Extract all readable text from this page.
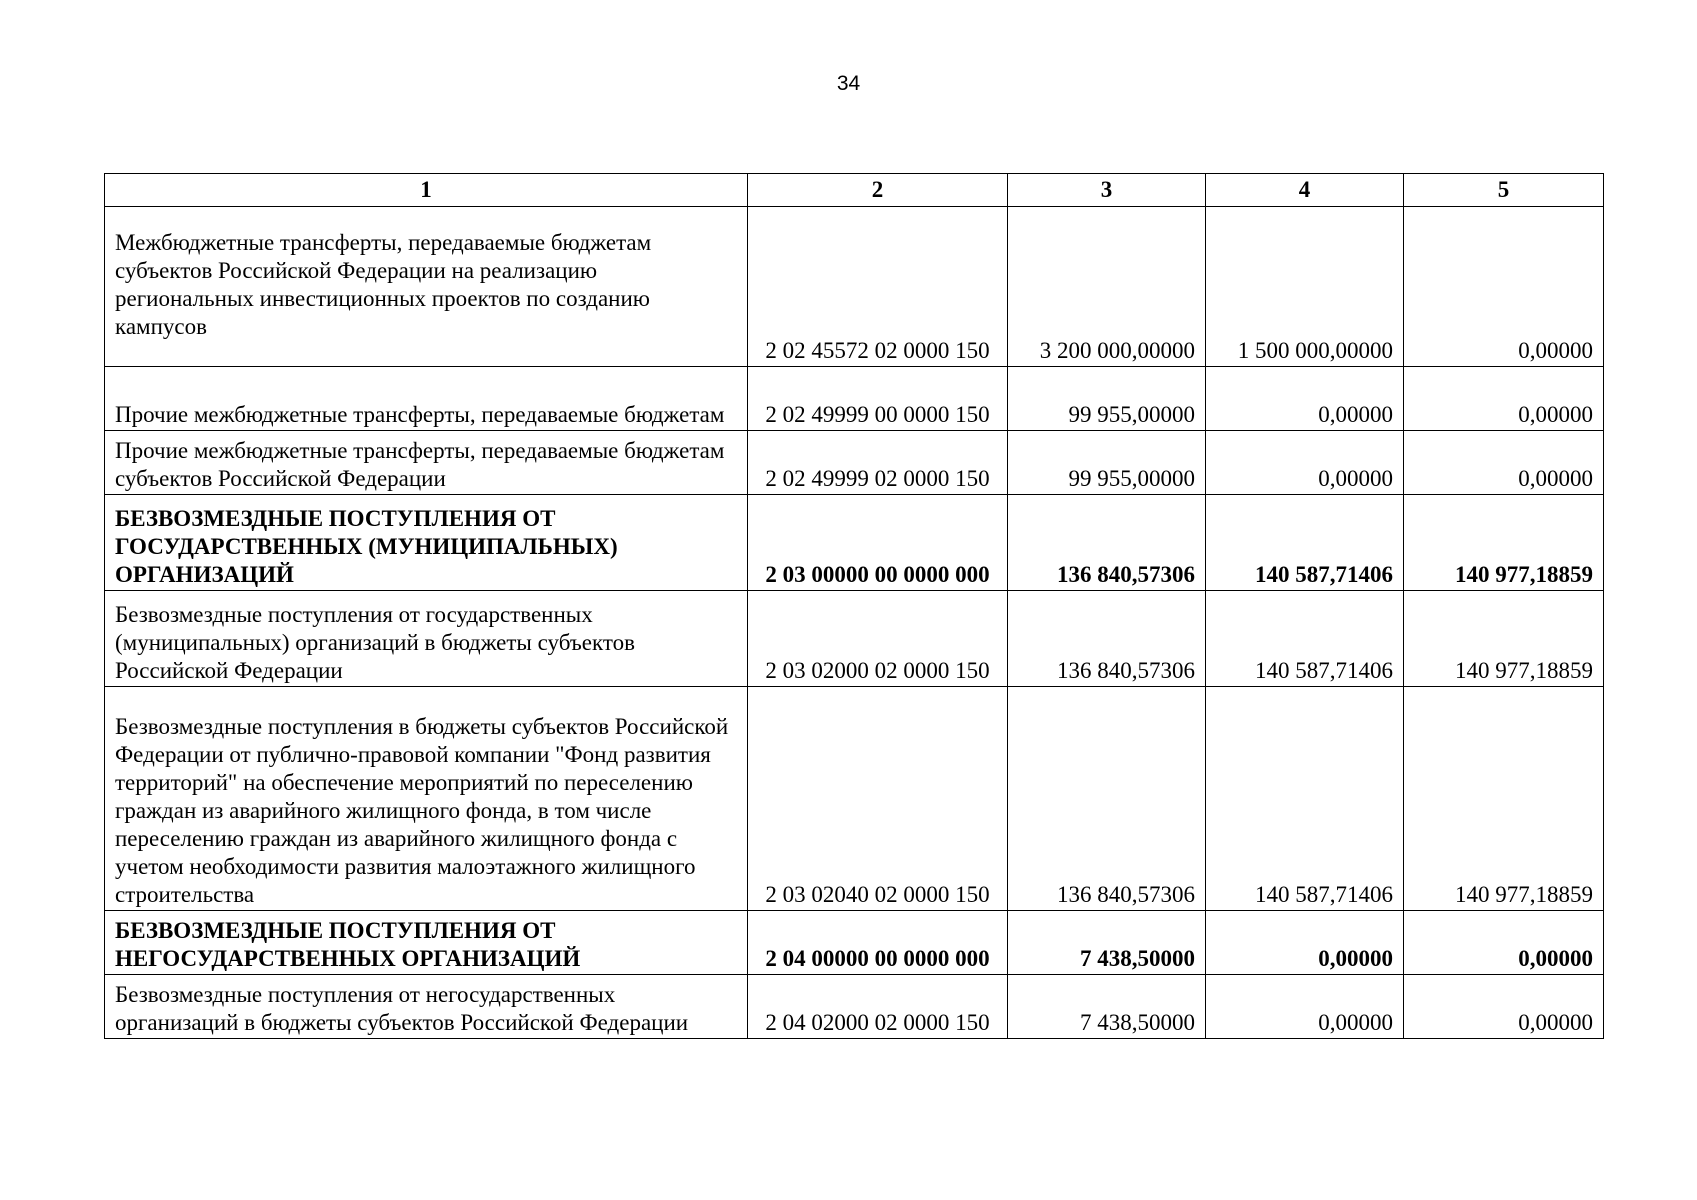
34
1	2	3	4	5

Межбюджетные трансферты, передаваемые бюджетам субъектов Российской Федерации на реализацию региональных инвестиционных проектов по созданию кампусов	2 02 45572 02 0000 150	3 200 000,00000	1 500 000,00000	0,00000
Прочие межбюджетные трансферты, передаваемые бюджетам	2 02 49999 00 0000 150	99 955,00000	0,00000	0,00000
Прочие межбюджетные трансферты, передаваемые бюджетам субъектов Российской Федерации	2 02 49999 02 0000 150	99 955,00000	0,00000	0,00000
БЕЗВОЗМЕЗДНЫЕ ПОСТУПЛЕНИЯ ОТ ГОСУДАРСТВЕННЫХ (МУНИЦИПАЛЬНЫХ) ОРГАНИЗАЦИЙ	2 03 00000 00 0000 000	136 840,57306	140 587,71406	140 977,18859
Безвозмездные поступления от государственных (муниципальных) организаций в бюджеты субъектов Российской Федерации	2 03 02000 02 0000 150	136 840,57306	140 587,71406	140 977,18859
Безвозмездные поступления в бюджеты субъектов Российской Федерации от публично-правовой компании "Фонд развития территорий" на обеспечение мероприятий по переселению граждан из аварийного жилищного фонда, в том числе переселению граждан из аварийного жилищного фонда с учетом необходимости развития малоэтажного жилищного строительства	2 03 02040 02 0000 150	136 840,57306	140 587,71406	140 977,18859
БЕЗВОЗМЕЗДНЫЕ ПОСТУПЛЕНИЯ ОТ НЕГОСУДАРСТВЕННЫХ ОРГАНИЗАЦИЙ	2 04 00000 00 0000 000	7 438,50000	0,00000	0,00000
Безвозмездные поступления от негосударственных организаций в бюджеты субъектов Российской Федерации	2 04 02000 02 0000 150	7 438,50000	0,00000	0,00000
